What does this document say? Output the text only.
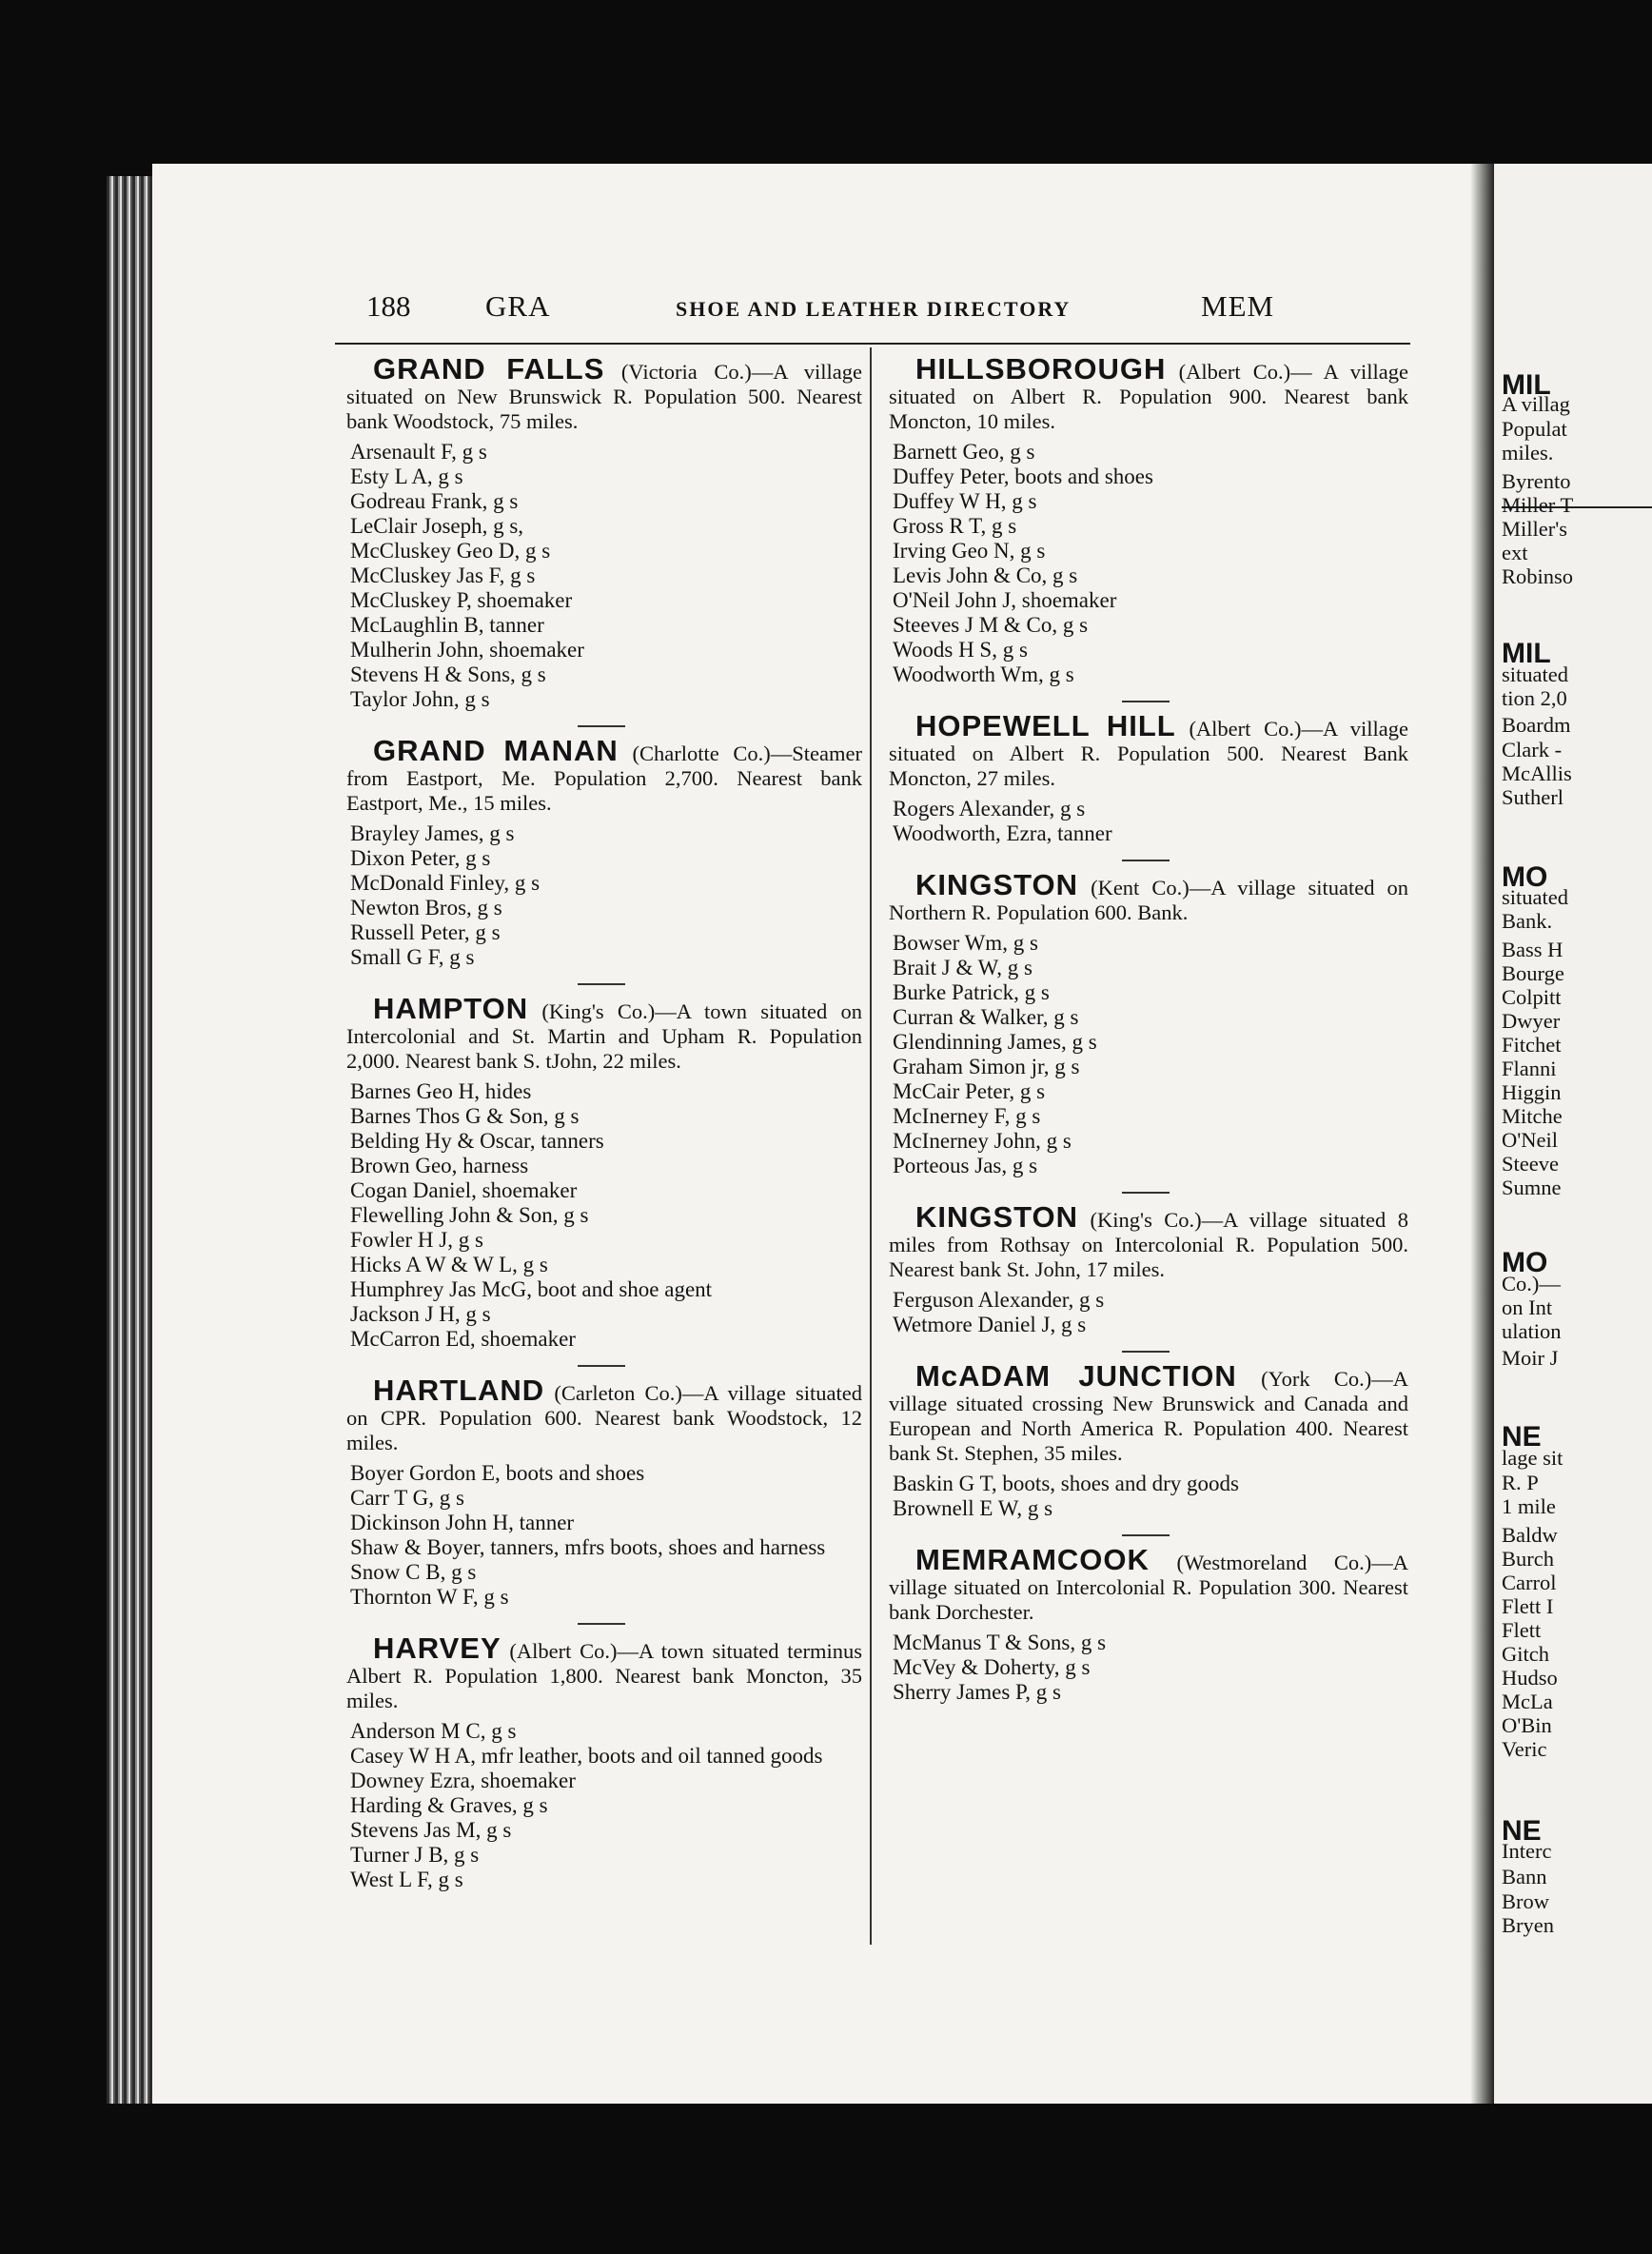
MIL
A villag
Populat
miles.
Byrento
Miller T
Miller's
ext
Robinso
MIL
situated
tion 2,0
Boardm
Clark -
McAllis
Sutherl
MO
situated
Bank.
Bass H
Bourge
Colpitt
Dwyer
Fitchet
Flanni
Higgin
Mitche
O'Neil
Steeve
Sumne
MO
Co.)—
on Int
ulation
Moir J
NE
lage sit
R. P
1 mile
Baldw
Burch
Carrol
Flett I
Flett
Gitch
Hudso
McLa
O'Bin
Veric
NE
Interc
Bann
Brow
Bryen
188	GRA	SHOE AND LEATHER DIRECTORY	MEM

GRAND FALLS (Victoria Co.)—A village situated on New Brunswick R. Population 500. Nearest bank Woodstock, 75 miles.

Arsenault F, g s
Esty L A, g s
Godreau Frank, g s
LeClair Joseph, g s,
McCluskey Geo D, g s
McCluskey Jas F, g s
McCluskey P, shoemaker
McLaughlin B, tanner
Mulherin John, shoemaker
Stevens H & Sons, g s
Taylor John, g s

GRAND MANAN (Charlotte Co.)—Steamer from Eastport, Me. Population 2,700. Nearest bank Eastport, Me., 15 miles.

Brayley James, g s
Dixon Peter, g s
McDonald Finley, g s
Newton Bros, g s
Russell Peter, g s
Small G F, g s

HAMPTON (King's Co.)—A town situated on Intercolonial and St. Martin and Upham R. Population 2,000. Nearest bank S. tJohn, 22 miles.

Barnes Geo H, hides
Barnes Thos G & Son, g s
Belding Hy & Oscar, tanners
Brown Geo, harness
Cogan Daniel, shoemaker
Flewelling John & Son, g s
Fowler H J, g s
Hicks A W & W L, g s
Humphrey Jas McG, boot and shoe agent
Jackson J H, g s
McCarron Ed, shoemaker

HARTLAND (Carleton Co.)—A village situated on CPR. Population 600. Nearest bank Woodstock, 12 miles.

Boyer Gordon E, boots and shoes
Carr T G, g s
Dickinson John H, tanner
Shaw & Boyer, tanners, mfrs boots, shoes and harness
Snow C B, g s
Thornton W F, g s

HARVEY (Albert Co.)—A town situated terminus Albert R. Population 1,800. Nearest bank Moncton, 35 miles.

Anderson M C, g s
Casey W H A, mfr leather, boots and oil tanned goods
Downey Ezra, shoemaker
Harding & Graves, g s
Stevens Jas M, g s
Turner J B, g s
West L F, g s

HILLSBOROUGH (Albert Co.)— A village situated on Albert R. Population 900. Nearest bank Moncton, 10 miles.

Barnett Geo, g s
Duffey Peter, boots and shoes
Duffey W H, g s
Gross R T, g s
Irving Geo N, g s
Levis John & Co, g s
O'Neil John J, shoemaker
Steeves J M & Co, g s
Woods H S, g s
Woodworth Wm, g s

HOPEWELL HILL (Albert Co.)—A village situated on Albert R. Population 500. Nearest Bank Moncton, 27 miles.

Rogers Alexander, g s
Woodworth, Ezra, tanner

KINGSTON (Kent Co.)—A village situated on Northern R. Population 600. Bank.

Bowser Wm, g s
Brait J & W, g s
Burke Patrick, g s
Curran & Walker, g s
Glendinning James, g s
Graham Simon jr, g s
McCair Peter, g s
McInerney F, g s
McInerney John, g s
Porteous Jas, g s

KINGSTON (King's Co.)—A village situated 8 miles from Rothsay on Intercolonial R. Population 500. Nearest bank St. John, 17 miles.

Ferguson Alexander, g s
Wetmore Daniel J, g s

McADAM JUNCTION (York Co.)—A village situated crossing New Brunswick and Canada and European and North America R. Population 400. Nearest bank St. Stephen, 35 miles.

Baskin G T, boots, shoes and dry goods
Brownell E W, g s

MEMRAMCOOK (Westmoreland Co.)—A village situated on Intercolonial R. Population 300. Nearest bank Dorchester.

McManus T & Sons, g s
McVey & Doherty, g s
Sherry James P, g s
